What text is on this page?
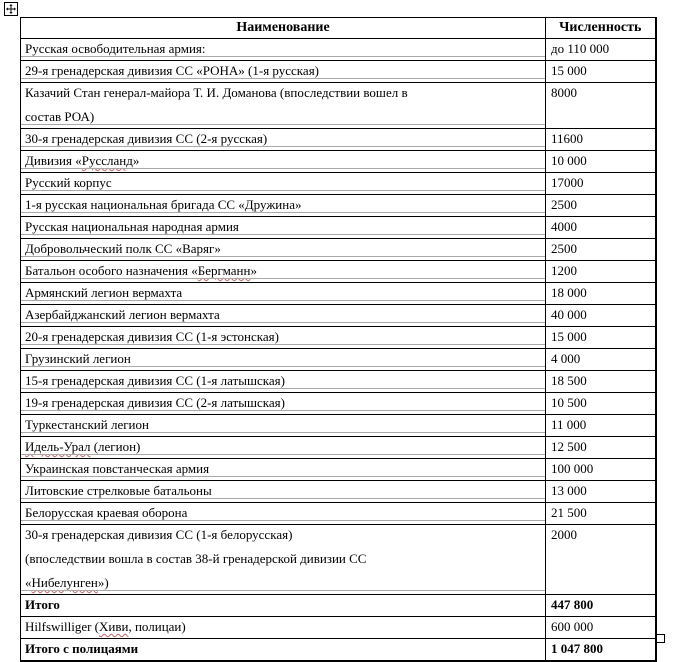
Наименование	Численность
Русская освободительная армия:	до 110 000
29-я гренадерская дивизия СС «РОНА» (1-я русская)	15 000

Казачий Стан генерал-майора Т. И. Доманова (впоследствии вошел в
состав РОА)	8000
30-я гренадерская дивизия СС (2-я русская)	11600
Дивизия «Руссланд»	10 000
Русский корпус	17000
1-я русская национальная бригада СС «Дружина»	2500
Русская национальная народная армия	4000
Добровольческий полк СС «Варяг»	2500
Батальон особого назначения «Бергманн»	1200
Армянский легион вермахта	18 000
Азербайджанский легион вермахта	40 000
20-я гренадерская дивизия СС (1-я эстонская)	15 000
Грузинский легион	4 000
15-я гренадерская дивизия СС (1-я латышская)	18 500
19-я гренадерская дивизия СС (2-я латышская)	10 500
Туркестанский легион	11 000
Идель-Урал (легион)	12 500
Украинская повстанческая армия	100 000
Литовские стрелковые батальоны	13 000
Белорусская краевая оборона	21 500

30-я гренадерская дивизия СС (1-я белорусская)
(впоследствии вошла в состав 38-й гренадерской дивизии СС
«Нибелунген»)	2000
Итого	447 800
Hilfswilliger (Хиви, полицаи)	600 000
Итого с полицаями	1 047 800
